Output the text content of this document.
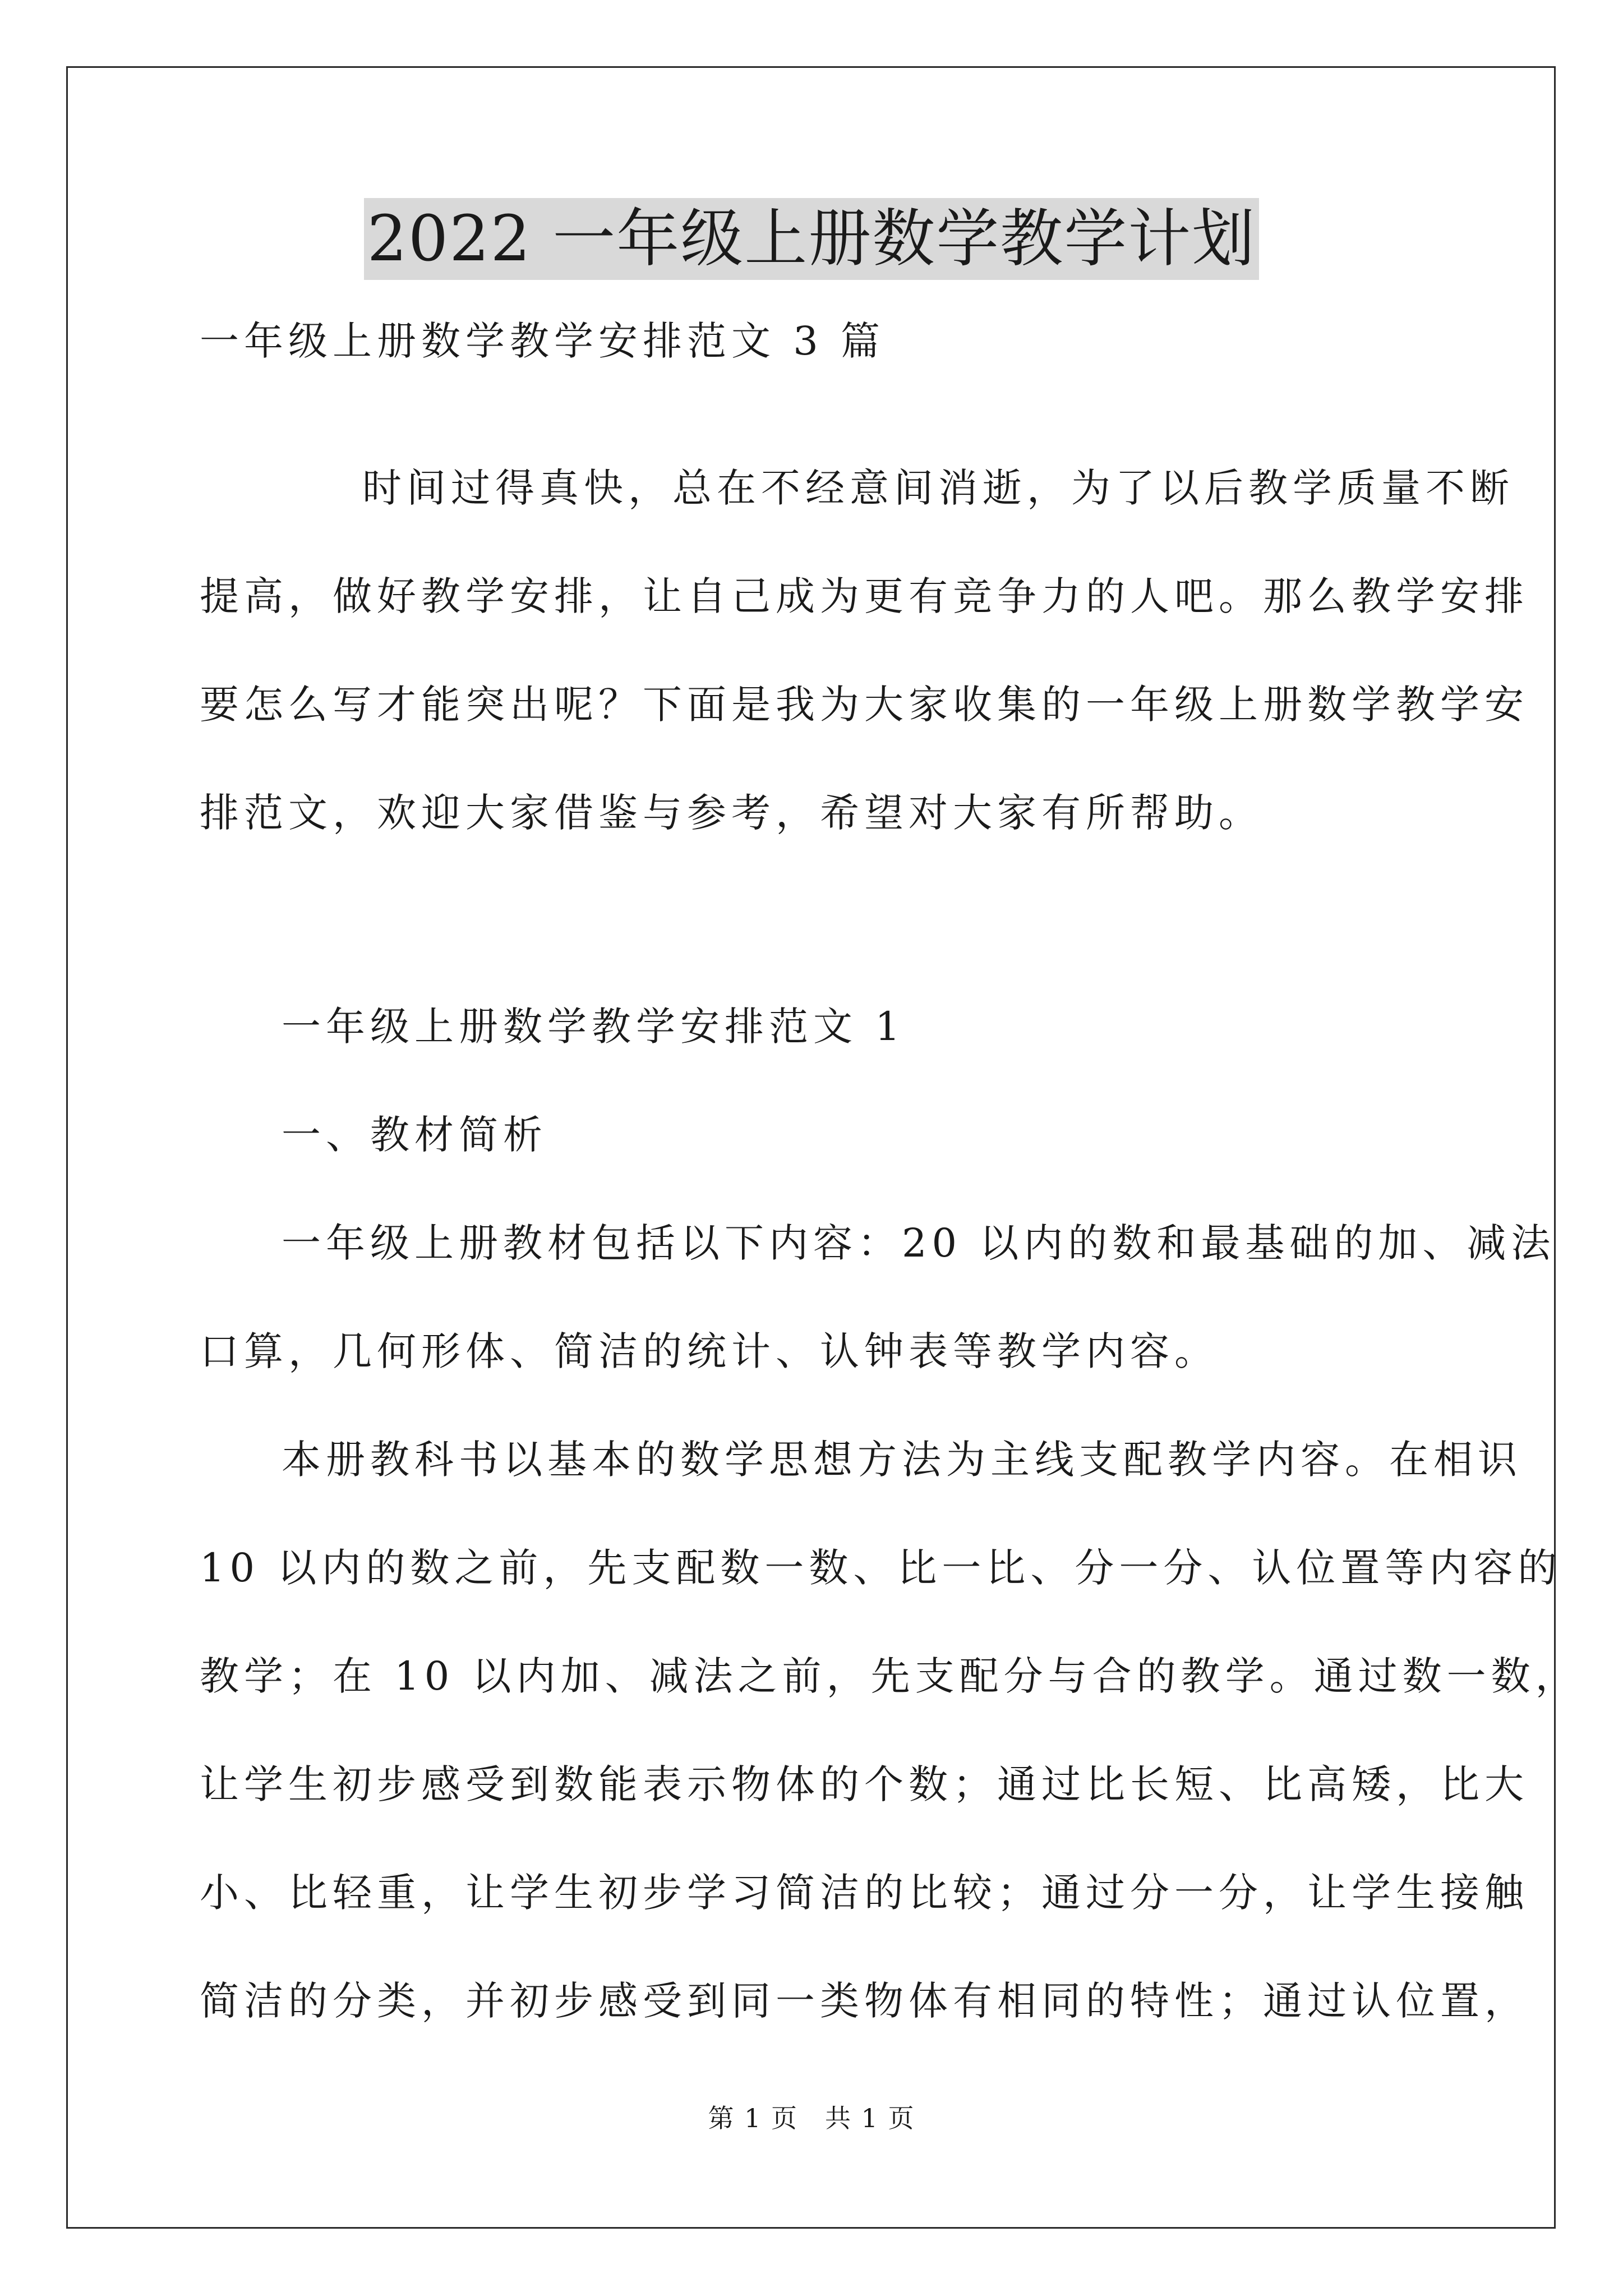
2022 一年级上册数学教学计划
一年级上册数学教学安排范文 3 篇
时间过得真快，总在不经意间消逝，为了以后教学质量不断
提高，做好教学安排，让自己成为更有竞争力的人吧。那么教学安排
要怎么写才能突出呢？下面是我为大家收集的一年级上册数学教学安
排范文，欢迎大家借鉴与参考，希望对大家有所帮助。
一年级上册数学教学安排范文 1
一、教材简析
一年级上册教材包括以下内容：20 以内的数和最基础的加、减法
口算，几何形体、简洁的统计、认钟表等教学内容。
本册教科书以基本的数学思想方法为主线支配教学内容。在相识
10 以内的数之前，先支配数一数、比一比、分一分、认位置等内容的
教学；在 10 以内加、减法之前，先支配分与合的教学。通过数一数，
让学生初步感受到数能表示物体的个数；通过比长短、比高矮，比大
小、比轻重，让学生初步学习简洁的比较；通过分一分，让学生接触
简洁的分类，并初步感受到同一类物体有相同的特性；通过认位置，
第 1 页　共 1 页
